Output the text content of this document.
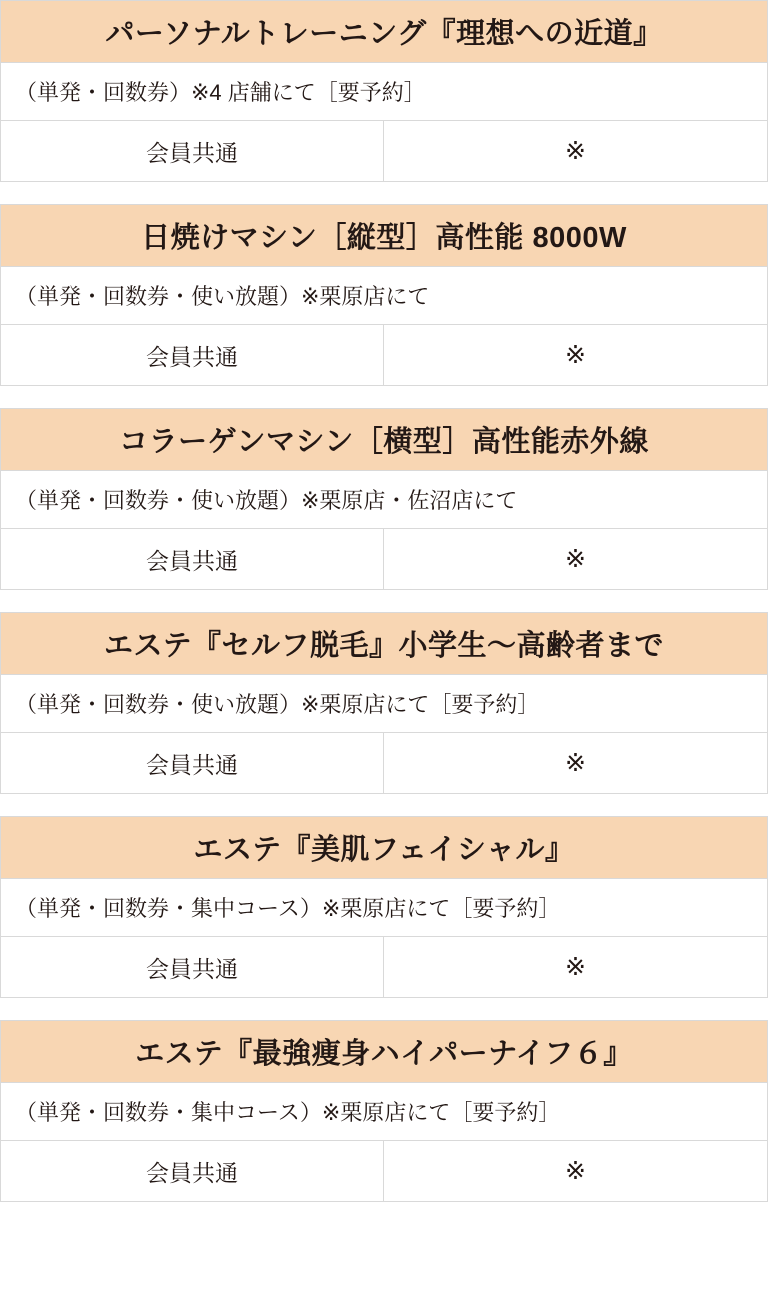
パーソナルトレーニング『理想への近道』
（単発・回数券）※4 店舗にて［要予約］
会員共通	※
日焼けマシン［縦型］高性能 8000W
（単発・回数券・使い放題）※栗原店にて
会員共通	※
コラーゲンマシン［横型］高性能赤外線
（単発・回数券・使い放題）※栗原店・佐沼店にて
会員共通	※
エステ『セルフ脱毛』小学生〜高齢者まで
（単発・回数券・使い放題）※栗原店にて［要予約］
会員共通	※
エステ『美肌フェイシャル』
（単発・回数券・集中コース）※栗原店にて［要予約］
会員共通	※
エステ『最強痩身ハイパーナイフ６』
（単発・回数券・集中コース）※栗原店にて［要予約］
会員共通	※
